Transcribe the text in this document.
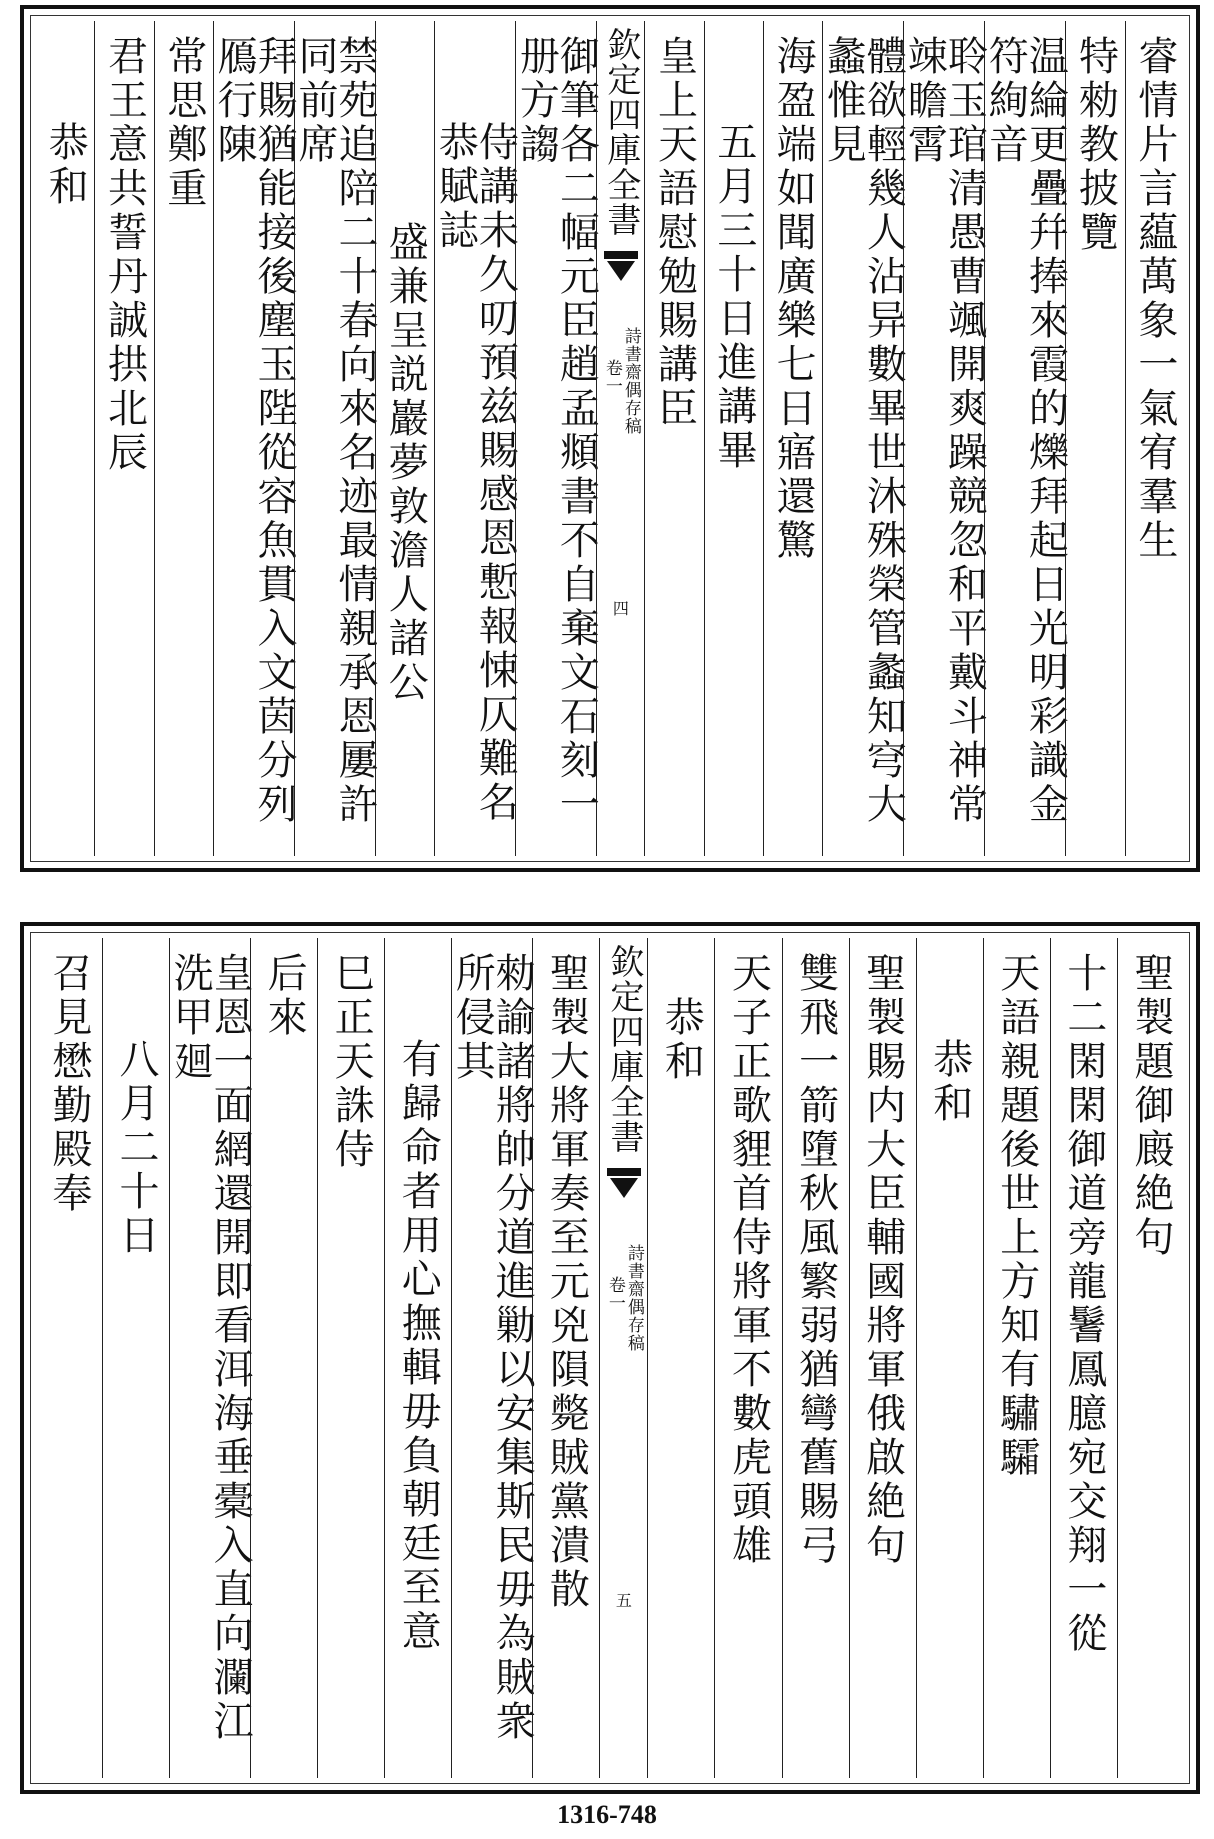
睿情片言藴萬象一氣宥羣生
特勑教披覽
温綸更疊幷捧來霞的爍拜起日光明彩識金符絢音
聆玉琯清愚曹颯開爽躁競忽和平戴斗神常竦瞻霄
體欲輕幾人沾异數畢世沐殊榮管蠡知穹大蠡惟見
海盈端如聞廣樂七日寤還驚
五月三十日進講畢
皇上天語慰勉賜講臣
欽定四庫全書
詩書齋偶存稿
卷一
四
御筆各二幅元臣趙孟頫書不自棄文石刻一册方謅
侍講未久叨預兹賜感恩慙報悚仄難名恭賦誌
盛兼呈説巖夢敦澹人諸公
禁苑追陪二十春向來名迹最情親承恩屢許同前席
拜賜猶能接後塵玉陛從容魚貫入文茵分列鴈行陳
常思鄭重
君王意共誓丹誠拱北辰
恭和
聖製題御廄絶句
十二閑閑御道旁龍鬐鳳臆宛交翔一從
天語親題後世上方知有驌驦
恭和
聖製賜内大臣輔國將軍俄啟絶句
雙飛一箭墮秋風繁弱猶彎舊賜弓
天子正歌貍首侍將軍不數虎頭雄
恭和
欽定四庫全書
詩書齋偶存稿
卷一
五
聖製大將軍奏至元兇隕斃賊黨潰散
勑諭諸將帥分道進勦以安集斯民毋為賊衆所侵其
有歸命者用心撫輯毋負朝廷至意
巳正天誅侍
后來
皇恩一面網還開即看洱海垂橐入直向瀾江洗甲廻
八月二十日
召見懋勤殿奉
1316-748
